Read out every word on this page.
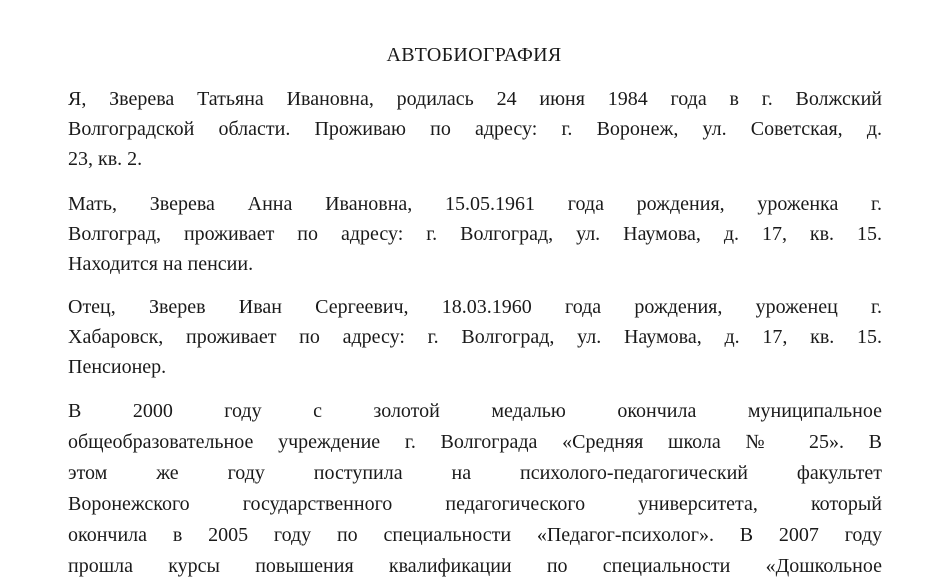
АВТОБИОГРАФИЯ
Я, Зверева Татьяна Ивановна, родилась 24 июня 1984 года в г. Волжский
Волгоградской области. Проживаю по адресу: г. Воронеж, ул. Советская, д.
23, кв. 2.
Мать, Зверева Анна Ивановна, 15.05.1961 года рождения, уроженка г.
Волгоград, проживает по адресу: г. Волгоград, ул. Наумова, д. 17, кв. 15.
Находится на пенсии.
Отец, Зверев Иван Сергеевич, 18.03.1960 года рождения, уроженец г.
Хабаровск, проживает по адресу: г. Волгоград, ул. Наумова, д. 17, кв. 15.
Пенсионер.
В 2000 году с золотой медалью окончила муниципальное
общеобразовательное учреждение г. Волгограда «Средняя школа № 25». В
этом же году поступила на психолого-педагогический факультет
Воронежского государственного педагогического университета, который
окончила в 2005 году по специальности «Педагог-психолог». В 2007 году
прошла курсы повышения квалификации по специальности «Дошкольное
